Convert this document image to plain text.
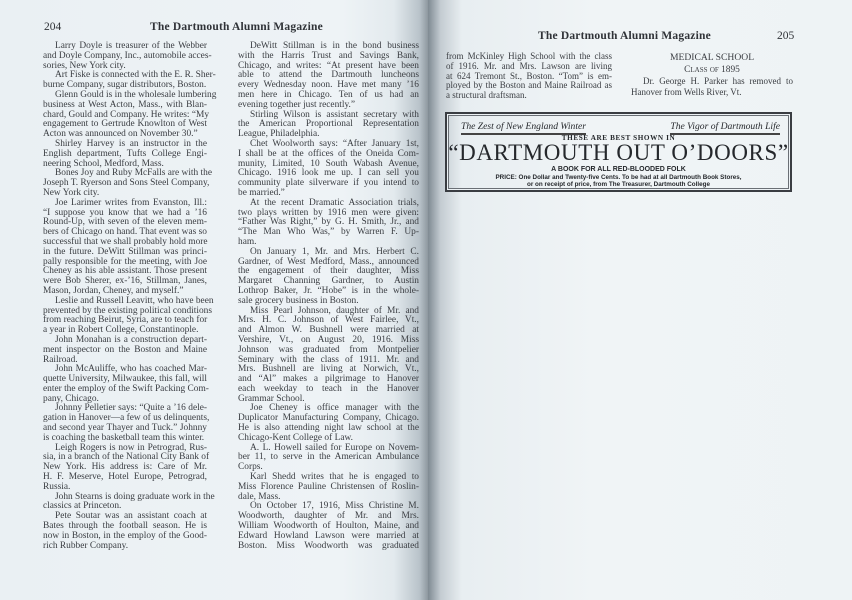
204	The Dartmouth Alumni Magazine
Larry Doyle is treasurer of the Webber
and Doyle Company, Inc., automobile acces-
sories, New York city.
Art Fiske is connected with the E. R. Sher-
burne Company, sugar distributors, Boston.
Glenn Gould is in the wholesale lumbering
business at West Acton, Mass., with Blan-
chard, Gould and Company. He writes: “My
engagement to Gertrude Knowlton of West
Acton was announced on November 30.”
Shirley Harvey is an instructor in the
English department, Tufts College Engi-
neering School, Medford, Mass.
Bones Joy and Ruby McFalls are with the
Joseph T. Ryerson and Sons Steel Company,
New York city.
Joe Larimer writes from Evanston, Ill.:
“I suppose you know that we had a ’16
Round-Up, with seven of the eleven mem-
bers of Chicago on hand. That event was so
successful that we shall probably hold more
in the future. DeWitt Stillman was princi-
pally responsible for the meeting, with Joe
Cheney as his able assistant. Those present
were Bob Sherer, ex-’16, Stillman, Janes,
Mason, Jordan, Cheney, and myself.”
Leslie and Russell Leavitt, who have been
prevented by the existing political conditions
from reaching Beirut, Syria, are to teach for
a year in Robert College, Constantinople.
John Monahan is a construction depart-
ment inspector on the Boston and Maine
Railroad.
John McAuliffe, who has coached Mar-
quette University, Milwaukee, this fall, will
enter the employ of the Swift Packing Com-
pany, Chicago.
Johnny Pelletier says: “Quite a ’16 dele-
gation in Hanover—a few of us delinquents,
and second year Thayer and Tuck.” Johnny
is coaching the basketball team this winter.
Leigh Rogers is now in Petrograd, Rus-
sia, in a branch of the National City Bank of
New York. His address is: Care of Mr.
H. F. Meserve, Hotel Europe, Petrograd,
Russia.
John Stearns is doing graduate work in the
classics at Princeton.
Pete Soutar was an assistant coach at
Bates through the football season. He is
now in Boston, in the employ of the Good-
rich Rubber Company.
DeWitt Stillman is in the bond business
with the Harris Trust and Savings Bank,
Chicago, and writes: “At present have been
able to attend the Dartmouth luncheons
every Wednesday noon. Have met many ’16
men here in Chicago. Ten of us had an
evening together just recently.”
Stirling Wilson is assistant secretary with
the American Proportional Representation
League, Philadelphia.
Chet Woolworth says: “After January 1st,
I shall be at the offices of the Oneida Com-
munity, Limited, 10 South Wabash Avenue,
Chicago. 1916 look me up. I can sell you
community plate silverware if you intend to
be married.”
At the recent Dramatic Association trials,
two plays written by 1916 men were given:
“Father Was Right,” by G. H. Smith, Jr., and
“The Man Who Was,” by Warren F. Up-
ham.
On January 1, Mr. and Mrs. Herbert C.
Gardner, of West Medford, Mass., announced
the engagement of their daughter, Miss
Margaret Channing Gardner, to Austin
Lothrop Baker, Jr. “Hobe” is in the whole-
sale grocery business in Boston.
Miss Pearl Johnson, daughter of Mr. and
Mrs. H. C. Johnson of West Fairlee, Vt.,
and Almon W. Bushnell were married at
Vershire, Vt., on August 20, 1916. Miss
Johnson was graduated from Montpelier
Seminary with the class of 1911. Mr. and
Mrs. Bushnell are living at Norwich, Vt.,
and “Al” makes a pilgrimage to Hanover
each weekday to teach in the Hanover
Grammar School.
Joe Cheney is office manager with the
Duplicator Manufacturing Company, Chicago.
He is also attending night law school at the
Chicago-Kent College of Law.
A. L. Howell sailed for Europe on Novem-
ber 11, to serve in the American Ambulance
Corps.
Karl Shedd writes that he is engaged to
Miss Florence Pauline Christensen of Roslin-
dale, Mass.
On October 17, 1916, Miss Christine M.
Woodworth, daughter of Mr. and Mrs.
William Woodworth of Houlton, Maine, and
Edward Howland Lawson were married at
Boston. Miss Woodworth was graduated
The Dartmouth Alumni Magazine	205
from McKinley High School with the class
of 1916. Mr. and Mrs. Lawson are living
at 624 Tremont St., Boston. “Tom” is em-
ployed by the Boston and Maine Railroad as
a structural draftsman.
MEDICAL SCHOOL
Class of 1895
Dr. George H. Parker has removed to
Hanover from Wells River, Vt.
The Zest of New England Winter	The Vigor of Dartmouth Life
THESE ARE BEST SHOWN IN
“DARTMOUTH OUT O’DOORS”
A BOOK FOR ALL RED-BLOODED FOLK
PRICE: One Dollar and Twenty-five Cents. To be had at all Dartmouth Book Stores,
or on receipt of price, from The Treasurer, Dartmouth College
